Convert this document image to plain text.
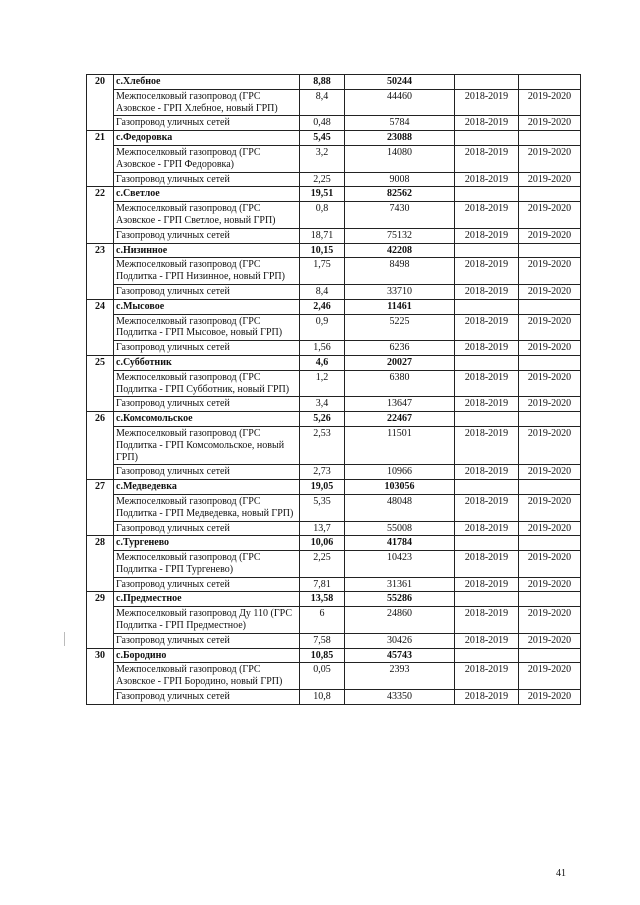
20	с.Хлебное	8,88	50244		
	Межпоселковый газопровод (ГРС Азовское - ГРП Хлебное, новый ГРП)	8,4	44460	2018-2019	2019-2020
	Газопровод уличных сетей	0,48	5784	2018-2019	2019-2020
21	с.Федоровка	5,45	23088		
	Межпоселковый газопровод (ГРС Азовское - ГРП Федоровка)	3,2	14080	2018-2019	2019-2020
	Газопровод уличных сетей	2,25	9008	2018-2019	2019-2020
22	с.Светлое	19,51	82562		
	Межпоселковый газопровод (ГРС Азовское - ГРП Светлое, новый ГРП)	0,8	7430	2018-2019	2019-2020
	Газопровод уличных сетей	18,71	75132	2018-2019	2019-2020
23	с.Низинное	10,15	42208		
	Межпоселковый газопровод (ГРС Подлитка - ГРП Низинное, новый ГРП)	1,75	8498	2018-2019	2019-2020
	Газопровод уличных сетей	8,4	33710	2018-2019	2019-2020
24	с.Мысовое	2,46	11461		
	Межпоселковый газопровод (ГРС Подлитка - ГРП Мысовое, новый ГРП)	0,9	5225	2018-2019	2019-2020
	Газопровод уличных сетей	1,56	6236	2018-2019	2019-2020
25	с.Субботник	4,6	20027		
	Межпоселковый газопровод (ГРС Подлитка - ГРП Субботник, новый ГРП)	1,2	6380	2018-2019	2019-2020
	Газопровод уличных сетей	3,4	13647	2018-2019	2019-2020
26	с.Комсомольское	5,26	22467		
	Межпоселковый газопровод (ГРС Подлитка - ГРП Комсомольское, новый ГРП)	2,53	11501	2018-2019	2019-2020
	Газопровод уличных сетей	2,73	10966	2018-2019	2019-2020
27	с.Медведевка	19,05	103056		
	Межпоселковый газопровод (ГРС Подлитка - ГРП Медведевка, новый ГРП)	5,35	48048	2018-2019	2019-2020
	Газопровод уличных сетей	13,7	55008	2018-2019	2019-2020
28	с.Тургенево	10,06	41784		
	Межпоселковый газопровод (ГРС Подлитка - ГРП Тургенево)	2,25	10423	2018-2019	2019-2020
	Газопровод уличных сетей	7,81	31361	2018-2019	2019-2020
29	с.Предместное	13,58	55286		
	Межпоселковый газопровод Ду 110 (ГРС Подлитка - ГРП Предместное)	6	24860	2018-2019	2019-2020
	Газопровод уличных сетей	7,58	30426	2018-2019	2019-2020
30	с.Бородино	10,85	45743		
	Межпоселковый газопровод (ГРС Азовское - ГРП Бородино, новый ГРП)	0,05	2393	2018-2019	2019-2020
	Газопровод уличных сетей	10,8	43350	2018-2019	2019-2020
41
